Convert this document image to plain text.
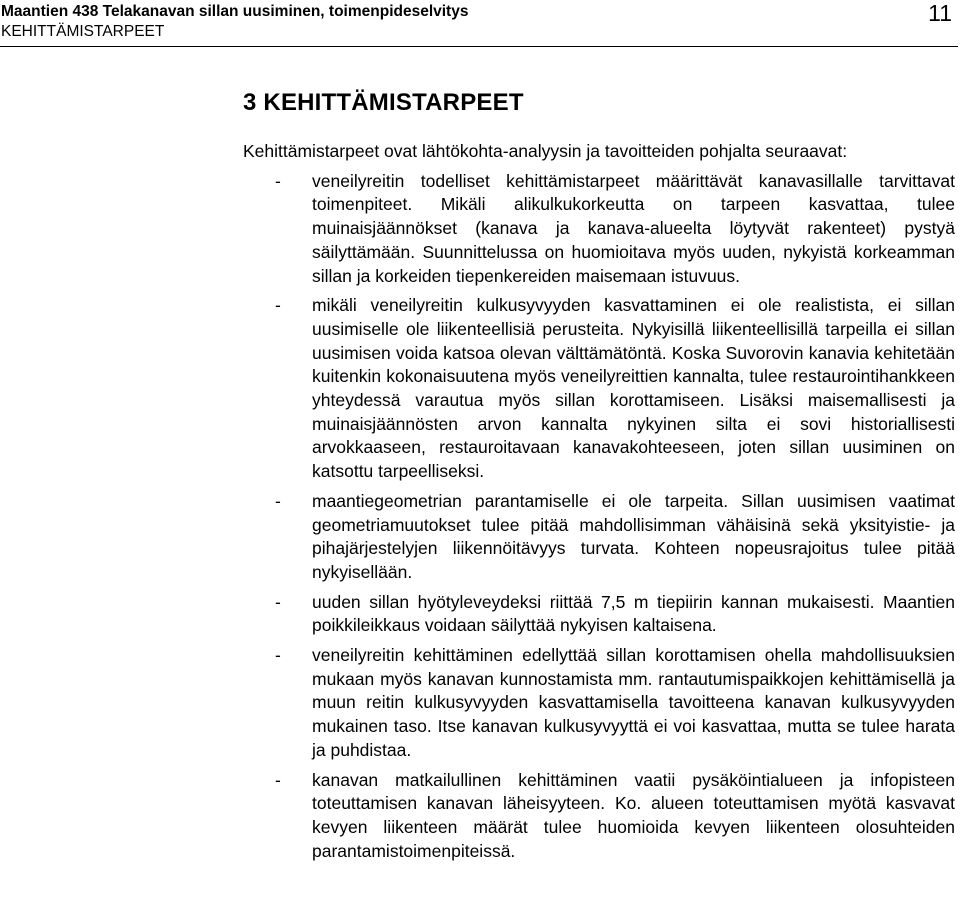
Maantien 438 Telakanavan sillan uusiminen, toimenpideselvitys
KEHITTÄMISTARPEET
11
3 KEHITTÄMISTARPEET

Kehittämistarpeet ovat lähtökohta-analyysin ja tavoitteiden pohjalta seuraavat:

- veneilyreitin todelliset kehittämistarpeet määrittävät kanavasillalle tarvittavat toimenpiteet. Mikäli alikulkukorkeutta on tarpeen kasvattaa, tulee muinaisjäännökset (kanava ja kanava-alueelta löytyvät rakenteet) pystyä säilyttämään. Suunnittelussa on huomioitava myös uuden, nykyistä korkeamman sillan ja korkeiden tiepenkereiden maisemaan istuvuus.
- mikäli veneilyreitin kulkusyvyyden kasvattaminen ei ole realistista, ei sillan uusimiselle ole liikenteellisiä perusteita. Nykyisillä liikenteellisillä tarpeilla ei sillan uusimisen voida katsoa olevan välttämätöntä. Koska Suvorovin kanavia kehitetään kuitenkin kokonaisuutena myös veneilyreittien kannalta, tulee restaurointihankkeen yhteydessä varautua myös sillan korottamiseen. Lisäksi maisemallisesti ja muinaisjäännösten arvon kannalta nykyinen silta ei sovi historiallisesti arvokkaaseen, restauroitavaan kanavakohteeseen, joten sillan uusiminen on katsottu tarpeelliseksi.
- maantiegeometrian parantamiselle ei ole tarpeita. Sillan uusimisen vaatimat geometriamuutokset tulee pitää mahdollisimman vähäisinä sekä yksityistie- ja pihajärjestelyjen liikennöitävyys turvata. Kohteen nopeusrajoitus tulee pitää nykyisellään.
- uuden sillan hyötyleveydeksi riittää 7,5 m tiepiirin kannan mukaisesti. Maantien poikkileikkaus voidaan säilyttää nykyisen kaltaisena.
- veneilyreitin kehittäminen edellyttää sillan korottamisen ohella mahdollisuuksien mukaan myös kanavan kunnostamista mm. rantautumispaikkojen kehittämisellä ja muun reitin kulkusyvyyden kasvattamisella tavoitteena kanavan kulkusyvyyden mukainen taso. Itse kanavan kulkusyvyyttä ei voi kasvattaa, mutta se tulee harata ja puhdistaa.
- kanavan matkailullinen kehittäminen vaatii pysäköintialueen ja infopisteen toteuttamisen kanavan läheisyyteen. Ko. alueen toteuttamisen myötä kasvavat kevyen liikenteen määrät tulee huomioida kevyen liikenteen olosuhteiden parantamistoimenpiteissä.
